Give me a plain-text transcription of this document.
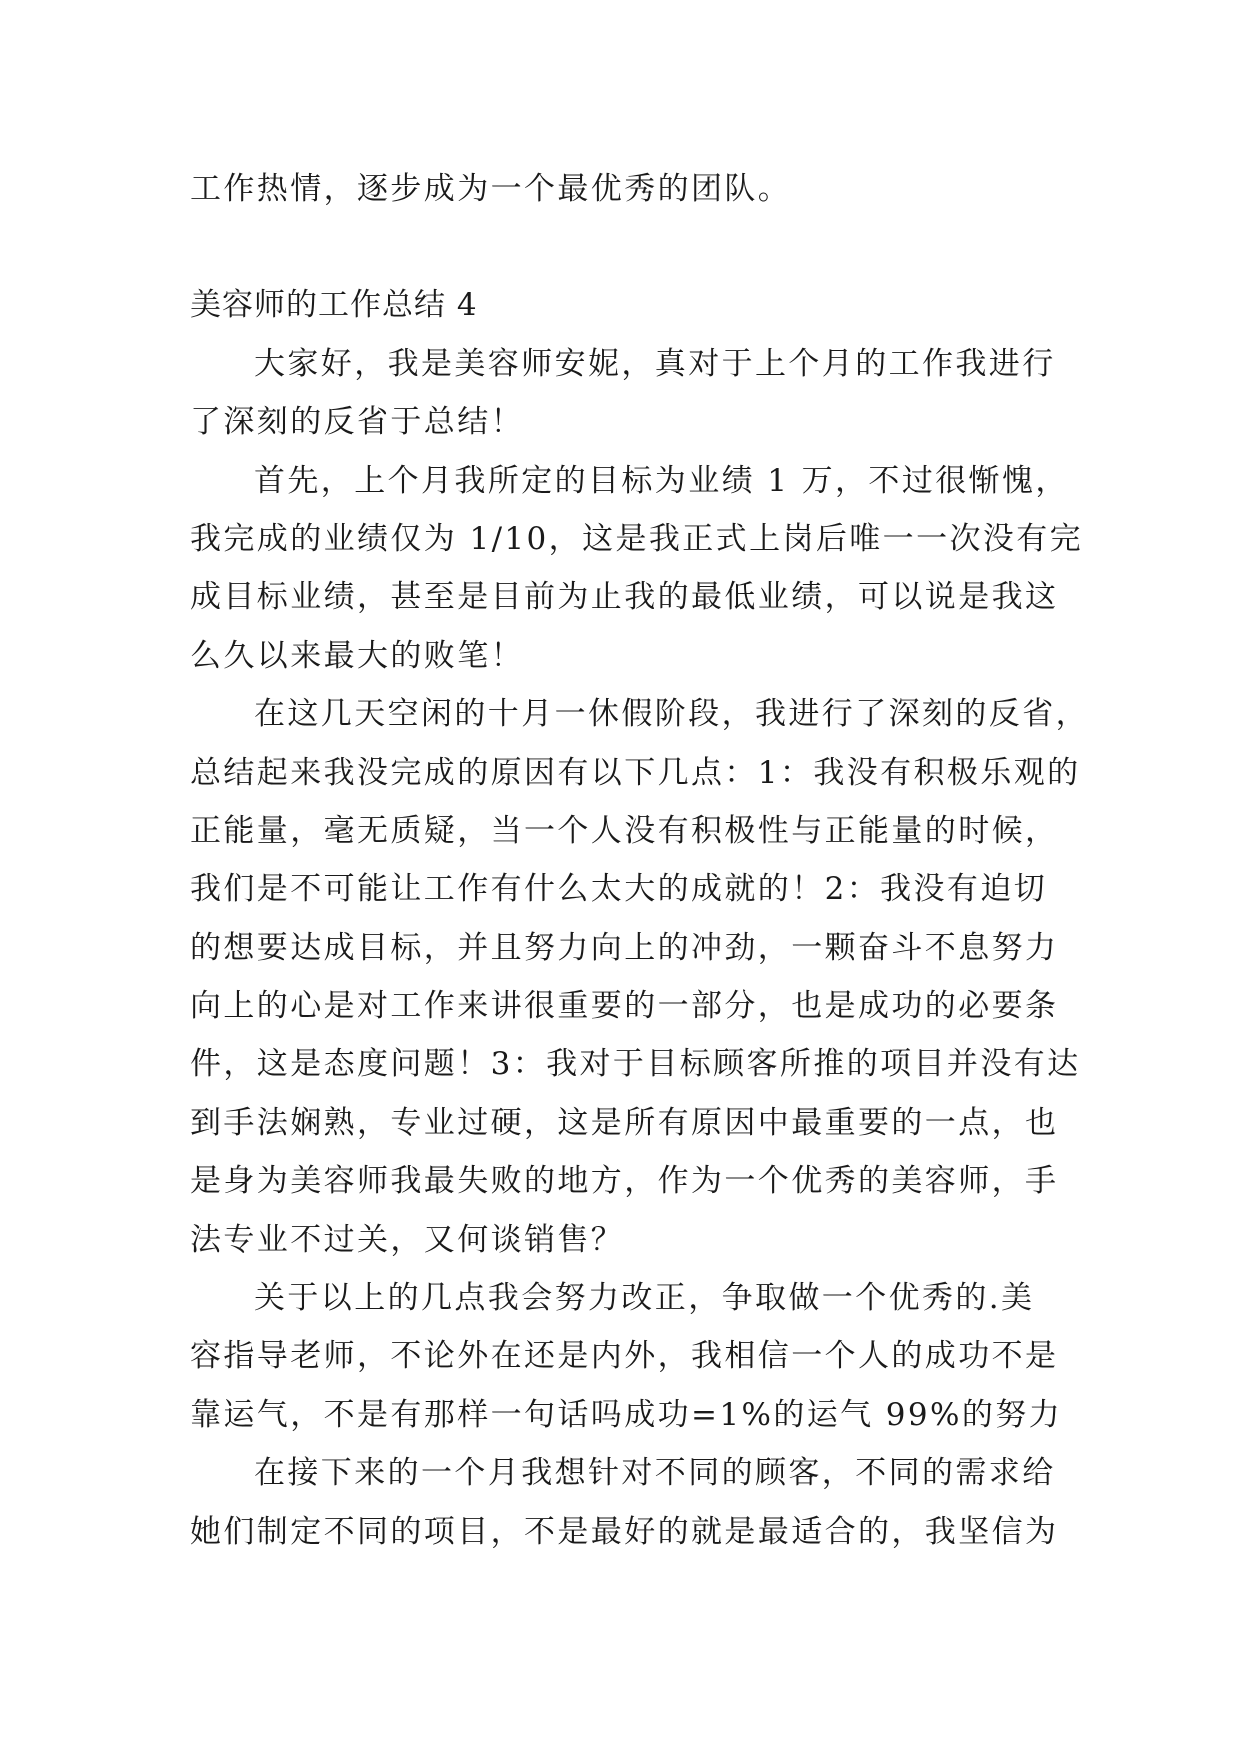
工作热情，逐步成为一个最优秀的团队。

美容师的工作总结 4

大家好，我是美容师安妮，真对于上个月的工作我进行

了深刻的反省于总结！

首先，上个月我所定的目标为业绩 1 万，不过很惭愧，

我完成的业绩仅为 1/10，这是我正式上岗后唯一一次没有完

成目标业绩，甚至是目前为止我的最低业绩，可以说是我这

么久以来最大的败笔！

在这几天空闲的十月一休假阶段，我进行了深刻的反省，

总结起来我没完成的原因有以下几点：1：我没有积极乐观的

正能量，毫无质疑，当一个人没有积极性与正能量的时候，

我们是不可能让工作有什么太大的成就的！2：我没有迫切

的想要达成目标，并且努力向上的冲劲，一颗奋斗不息努力

向上的心是对工作来讲很重要的一部分，也是成功的必要条

件，这是态度问题！3：我对于目标顾客所推的项目并没有达

到手法娴熟，专业过硬，这是所有原因中最重要的一点，也

是身为美容师我最失败的地方，作为一个优秀的美容师，手

法专业不过关，又何谈销售？

关于以上的几点我会努力改正，争取做一个优秀的.美

容指导老师，不论外在还是内外，我相信一个人的成功不是

靠运气，不是有那样一句话吗成功=1%的运气 99%的努力

在接下来的一个月我想针对不同的顾客，不同的需求给

她们制定不同的项目，不是最好的就是最适合的，我坚信为
